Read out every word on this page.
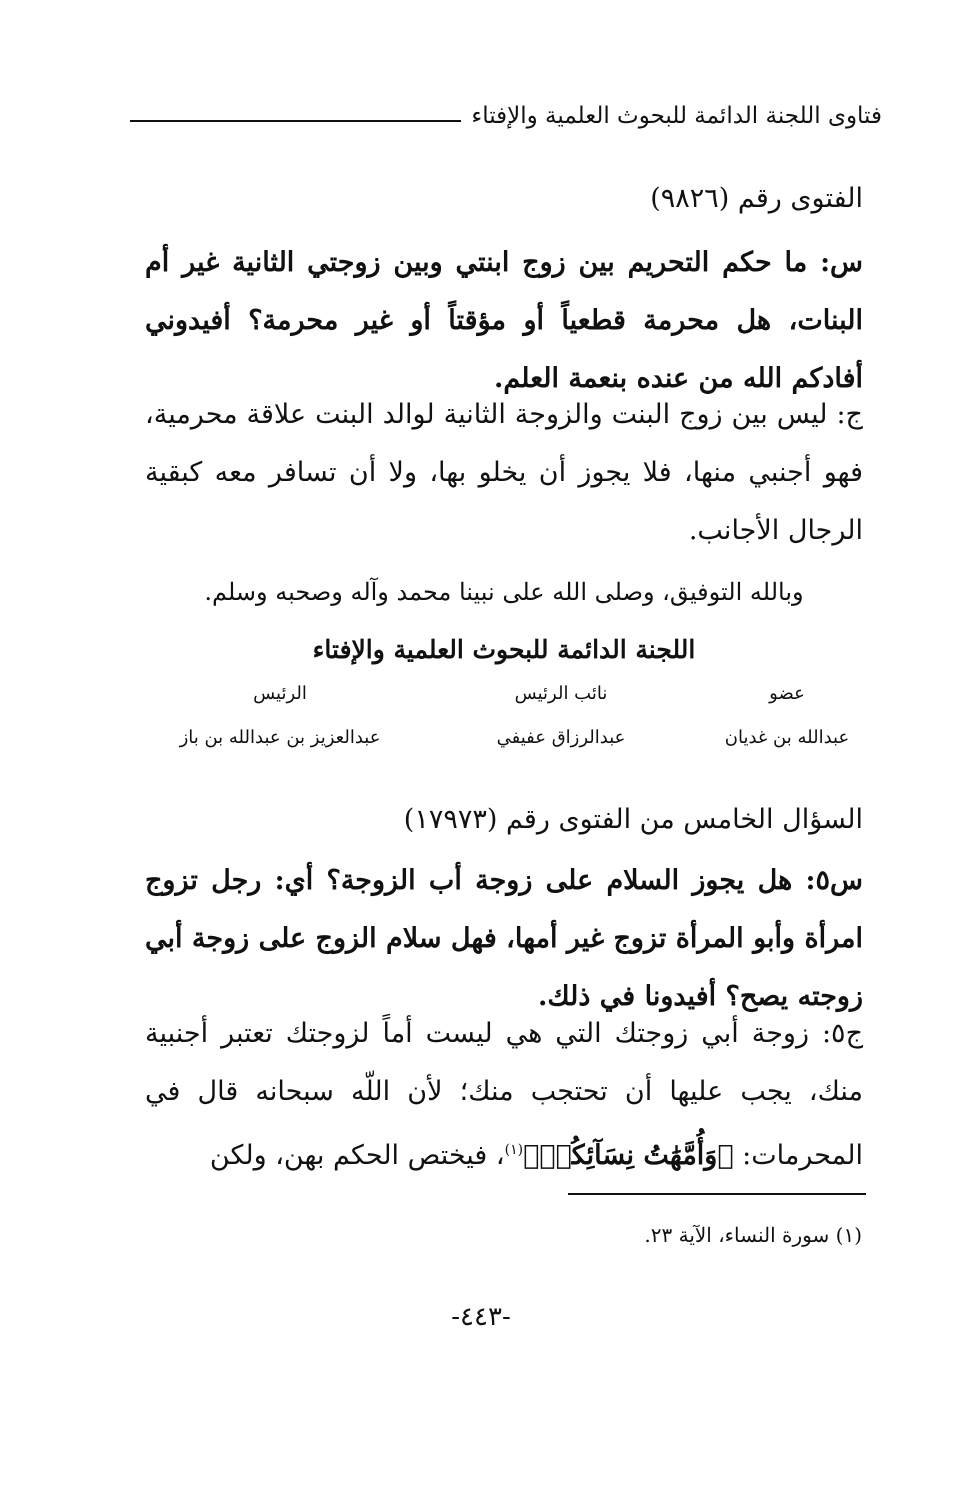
فتاوى اللجنة الدائمة للبحوث العلمية والإفتاء
الفتوى رقم (٩٨٢٦)
س: ما حكم التحريم بين زوج ابنتي وبين زوجتي الثانية غير أم البنات، هل محرمة قطعياً أو مؤقتاً أو غير محرمة؟ أفيدوني أفادكم الله من عنده بنعمة العلم.
ج: ليس بين زوج البنت والزوجة الثانية لوالد البنت علاقة محرمية، فهو أجنبي منها، فلا يجوز أن يخلو بها، ولا أن تسافر معه كبقية الرجال الأجانب.
وبالله التوفيق، وصلى الله على نبينا محمد وآله وصحبه وسلم.
اللجنة الدائمة للبحوث العلمية والإفتاء
عضو
عبدالله بن غديان
نائب الرئيس
عبدالرزاق عفيفي
الرئيس
عبدالعزيز بن عبدالله بن باز
السؤال الخامس من الفتوى رقم (١٧٩٧٣)
س٥: هل يجوز السلام على زوجة أب الزوجة؟ أي: رجل تزوج امرأة وأبو المرأة تزوج غير أمها، فهل سلام الزوج على زوجة أبي زوجته يصح؟ أفيدونا في ذلك.
ج٥: زوجة أبي زوجتك التي هي ليست أماً لزوجتك تعتبر أجنبية منك، يجب عليها أن تحتجب منك؛ لأن اللّه سبحانه قال في المحرمات: ﴿وَأُمَّهَٰتُ نِسَآئِكُمۡ﴾$^{(١)}$، فيختص الحكم بهن، ولكن
(١) سورة النساء، الآية ٢٣.
-٤٤٣-
